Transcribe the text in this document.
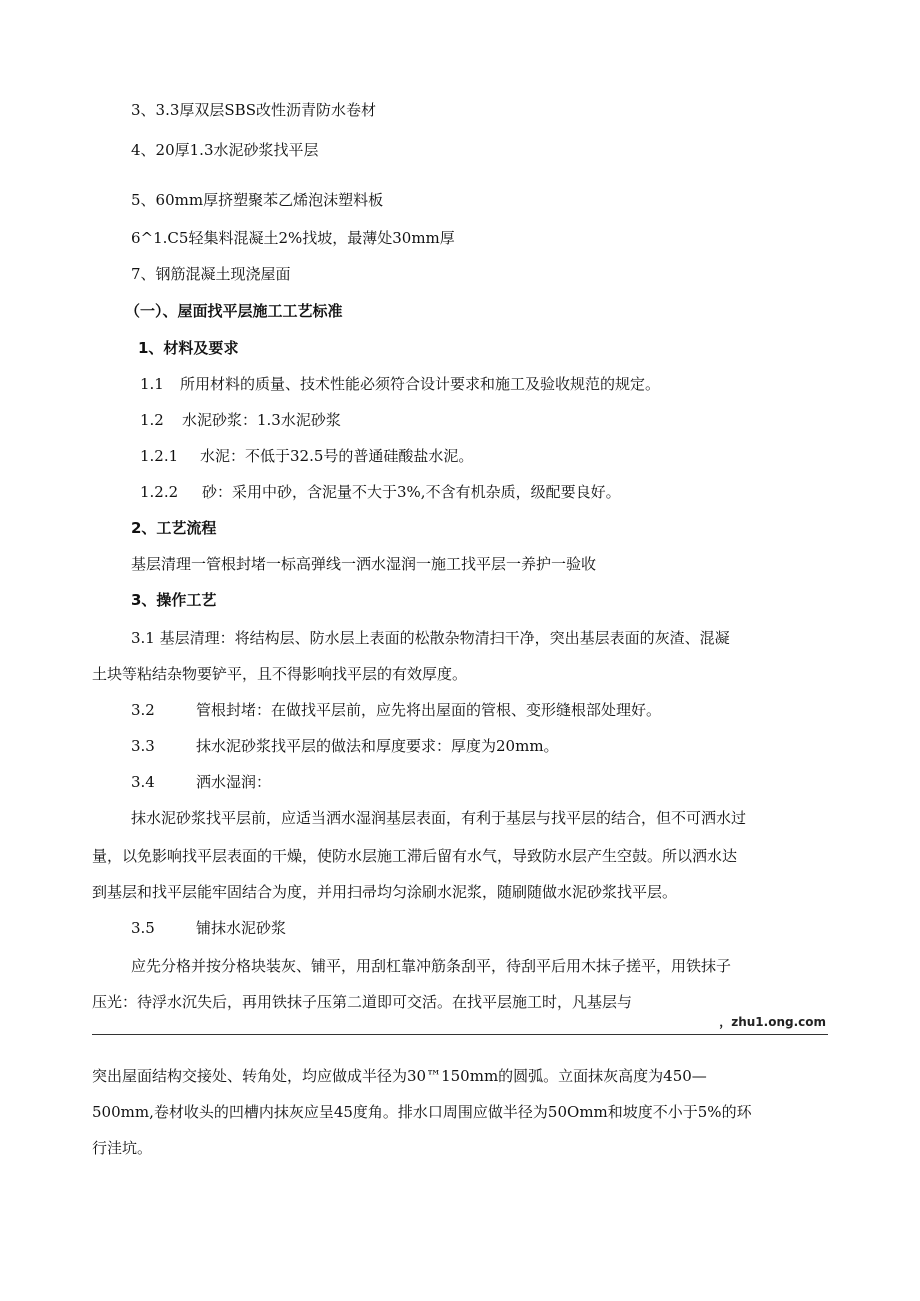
3、3.3厚双层SBS改性沥青防水卷材
4、20厚1.3水泥砂浆找平层
5、60mm厚挤塑聚苯乙烯泡沫塑料板
6^1.C5轻集料混凝土2%找坡，最薄处30mm厚
7、钢筋混凝土现浇屋面
（一）、屋面找平层施工工艺标准
1、材料及要求
1.1 所用材料的质量、技术性能必须符合设计要求和施工及验收规范的规定。
1.2 水泥砂浆：1.3水泥砂浆
1.2.1 水泥：不低于32.5号的普通硅酸盐水泥。
1.2.2 砂：采用中砂，含泥量不大于3%,不含有机杂质，级配要良好。
2、工艺流程
基层清理一管根封堵一标高弹线一洒水湿润一施工找平层一养护一验收
3、操作工艺
3.1 基层清理：将结构层、防水层上表面的松散杂物清扫干净，突出基层表面的灰渣、混凝
土块等粘结杂物要铲平，且不得影响找平层的有效厚度。
3.2	管根封堵：在做找平层前，应先将出屋面的管根、变形缝根部处理好。
3.3	抹水泥砂浆找平层的做法和厚度要求：厚度为20mm。
3.4	洒水湿润：
抹水泥砂浆找平层前，应适当洒水湿润基层表面，有利于基层与找平层的结合，但不可洒水过
量，以免影响找平层表面的干燥，使防水层施工滞后留有水气，导致防水层产生空鼓。所以洒水达
到基层和找平层能牢固结合为度，并用扫帚均匀涂刷水泥浆，随刷随做水泥砂浆找平层。
3.5	铺抹水泥砂浆
应先分格并按分格块装灰、铺平，用刮杠靠冲筋条刮平，待刮平后用木抹子搓平，用铁抹子
压光：待浮水沉失后，再用铁抹子压第二道即可交活。在找平层施工时，凡基层与
，zhu1.ong.com
突出屋面结构交接处、转角处，均应做成半径为30™150mm的圆弧。立面抹灰高度为450—
500mm,卷材收头的凹槽内抹灰应呈45度角。排水口周围应做半径为50Omm和坡度不小于5%的环
行洼坑。
